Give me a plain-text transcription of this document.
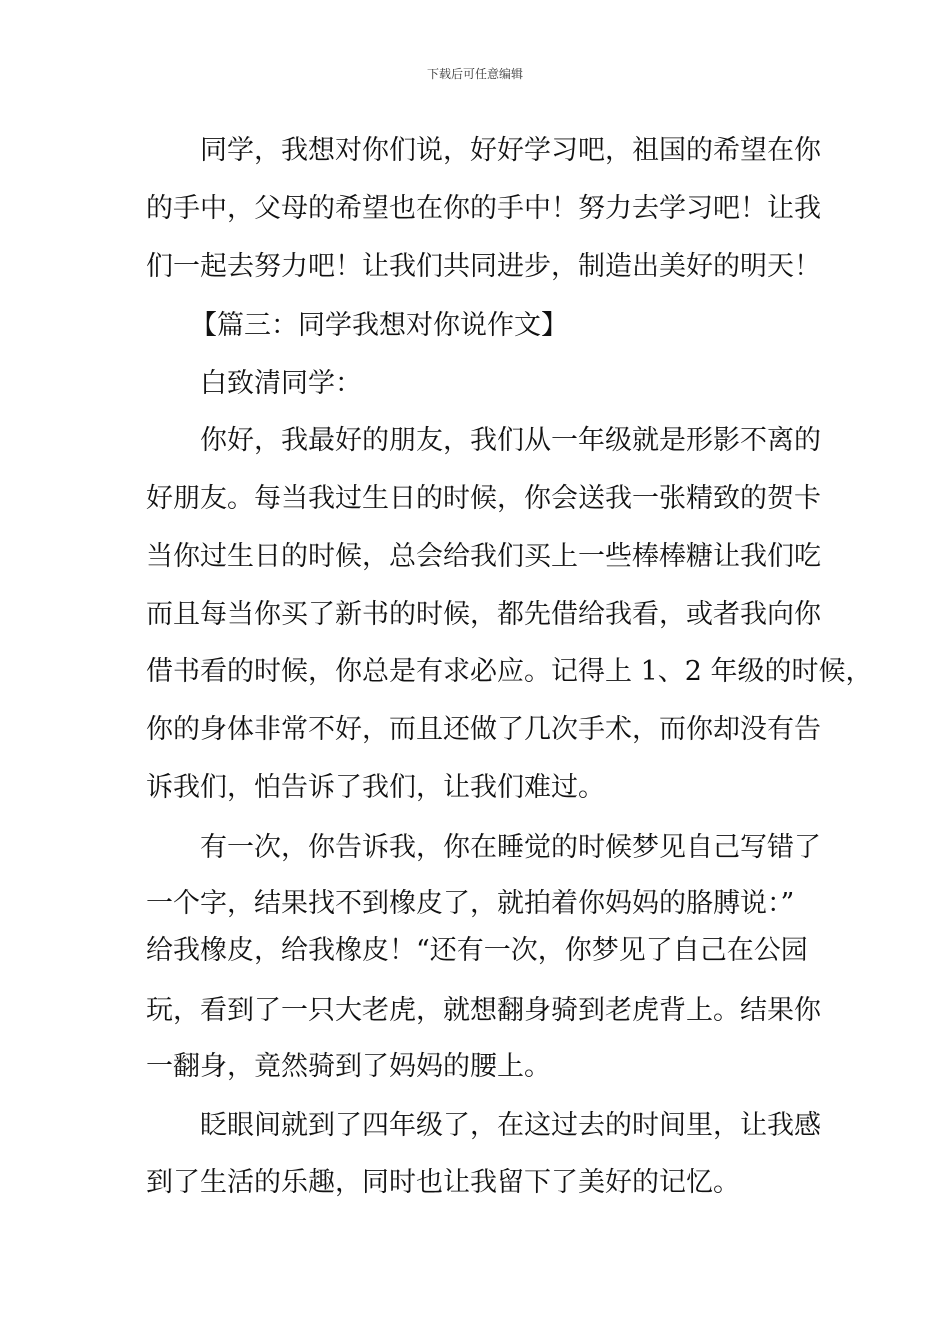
下载后可任意编辑
同学，我想对你们说，好好学习吧，祖国的希望在你
的手中，父母的希望也在你的手中！努力去学习吧！让我
们一起去努力吧！让我们共同进步，制造出美好的明天！
【篇三：同学我想对你说作文】
白致清同学：
你好，我最好的朋友，我们从一年级就是形影不离的
好朋友。每当我过生日的时候，你会送我一张精致的贺卡
当你过生日的时候，总会给我们买上一些棒棒糖让我们吃
而且每当你买了新书的时候，都先借给我看，或者我向你
借书看的时候，你总是有求必应。记得上 1、2 年级的时候，
你的身体非常不好，而且还做了几次手术，而你却没有告
诉我们，怕告诉了我们，让我们难过。
有一次，你告诉我，你在睡觉的时候梦见自己写错了
一个字，结果找不到橡皮了，就拍着你妈妈的胳膊说：”
给我橡皮，给我橡皮！“还有一次，你梦见了自己在公园
玩，看到了一只大老虎，就想翻身骑到老虎背上。结果你
一翻身，竟然骑到了妈妈的腰上。
眨眼间就到了四年级了，在这过去的时间里，让我感
到了生活的乐趣，同时也让我留下了美好的记忆。
